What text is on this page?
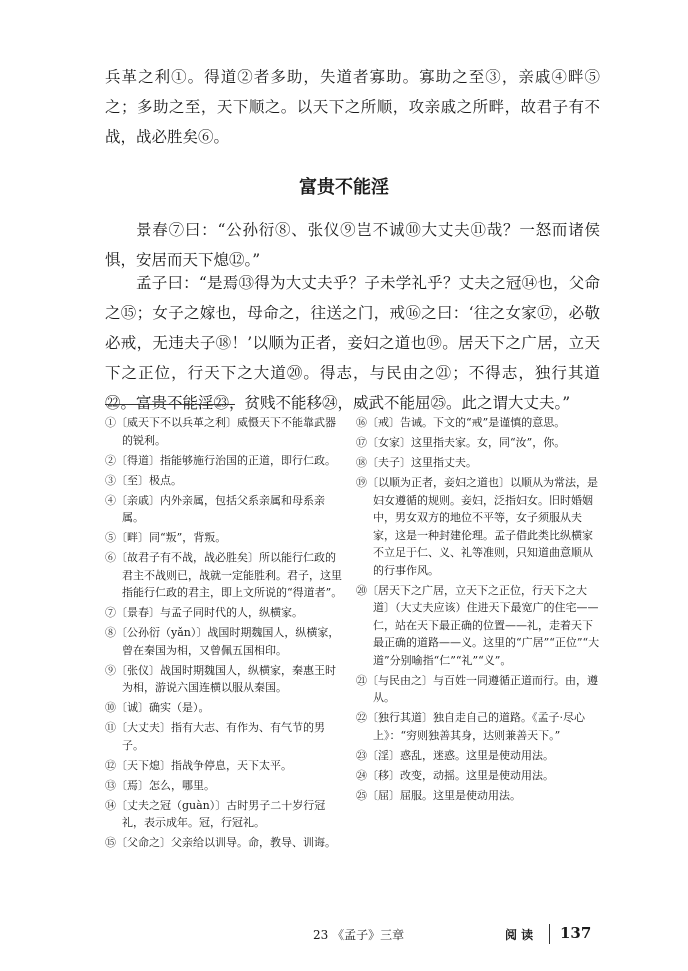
兵革之利①。得道②者多助，失道者寡助。寡助之至③，亲戚④畔⑤之；多助之至，天下顺之。以天下之所顺，攻亲戚之所畔，故君子有不战，战必胜矣⑥。
富贵不能淫
景春⑦曰：“公孙衍⑧、张仪⑨岂不诚⑩大丈夫⑪哉？一怒而诸侯惧，安居而天下熄⑫。”
孟子曰：“是焉⑬得为大丈夫乎？子未学礼乎？丈夫之冠⑭也，父命之⑮；女子之嫁也，母命之，往送之门，戒⑯之曰：‘往之女家⑰，必敬必戒，无违夫子⑱！’以顺为正者，妾妇之道也⑲。居天下之广居，立天下之正位，行天下之大道⑳。得志，与民由之㉑；不得志，独行其道㉒。富贵不能淫㉓，贫贱不能移㉔，威武不能屈㉕。此之谓大丈夫。”

①〔威天下不以兵革之利〕威慑天下不能靠武器的锐利。

②〔得道〕指能够施行治国的正道，即行仁政。

③〔至〕极点。

④〔亲戚〕内外亲属，包括父系亲属和母系亲属。

⑤〔畔〕同“叛”，背叛。

⑥〔故君子有不战，战必胜矣〕所以能行仁政的君主不战则已，战就一定能胜利。君子，这里指能行仁政的君主，即上文所说的“得道者”。

⑦〔景春〕与孟子同时代的人，纵横家。

⑧〔公孙衍（yǎn）〕战国时期魏国人，纵横家，曾在秦国为相，又曾佩五国相印。

⑨〔张仪〕战国时期魏国人，纵横家，秦惠王时为相，游说六国连横以服从秦国。

⑩〔诚〕确实（是）。

⑪〔大丈夫〕指有大志、有作为、有气节的男子。

⑫〔天下熄〕指战争停息，天下太平。

⑬〔焉〕怎么，哪里。

⑭〔丈夫之冠（guàn）〕古时男子二十岁行冠礼，表示成年。冠，行冠礼。

⑮〔父命之〕父亲给以训导。命，教导、训诲。

⑯〔戒〕告诫。下文的“戒”是谨慎的意思。

⑰〔女家〕这里指夫家。女，同“汝”，你。

⑱〔夫子〕这里指丈夫。

⑲〔以顺为正者，妾妇之道也〕以顺从为常法，是妇女遵循的规则。妾妇，泛指妇女。旧时婚姻中，男女双方的地位不平等，女子须服从夫家，这是一种封建伦理。孟子借此类比纵横家不立足于仁、义、礼等准则，只知道曲意顺从的行事作风。

⑳〔居天下之广居，立天下之正位，行天下之大道〕（大丈夫应该）住进天下最宽广的住宅——仁，站在天下最正确的位置——礼，走着天下最正确的道路——义。这里的“广居”“正位”“大道”分别喻指“仁”“礼”“义”。

㉑〔与民由之〕与百姓一同遵循正道而行。由，遵从。

㉒〔独行其道〕独自走自己的道路。《孟子·尽心上》：“穷则独善其身，达则兼善天下。”

㉓〔淫〕惑乱，迷惑。这里是使动用法。

㉔〔移〕改变，动摇。这里是使动用法。

㉕〔屈〕屈服。这里是使动用法。

23 《孟子》三章	阅 读 137
